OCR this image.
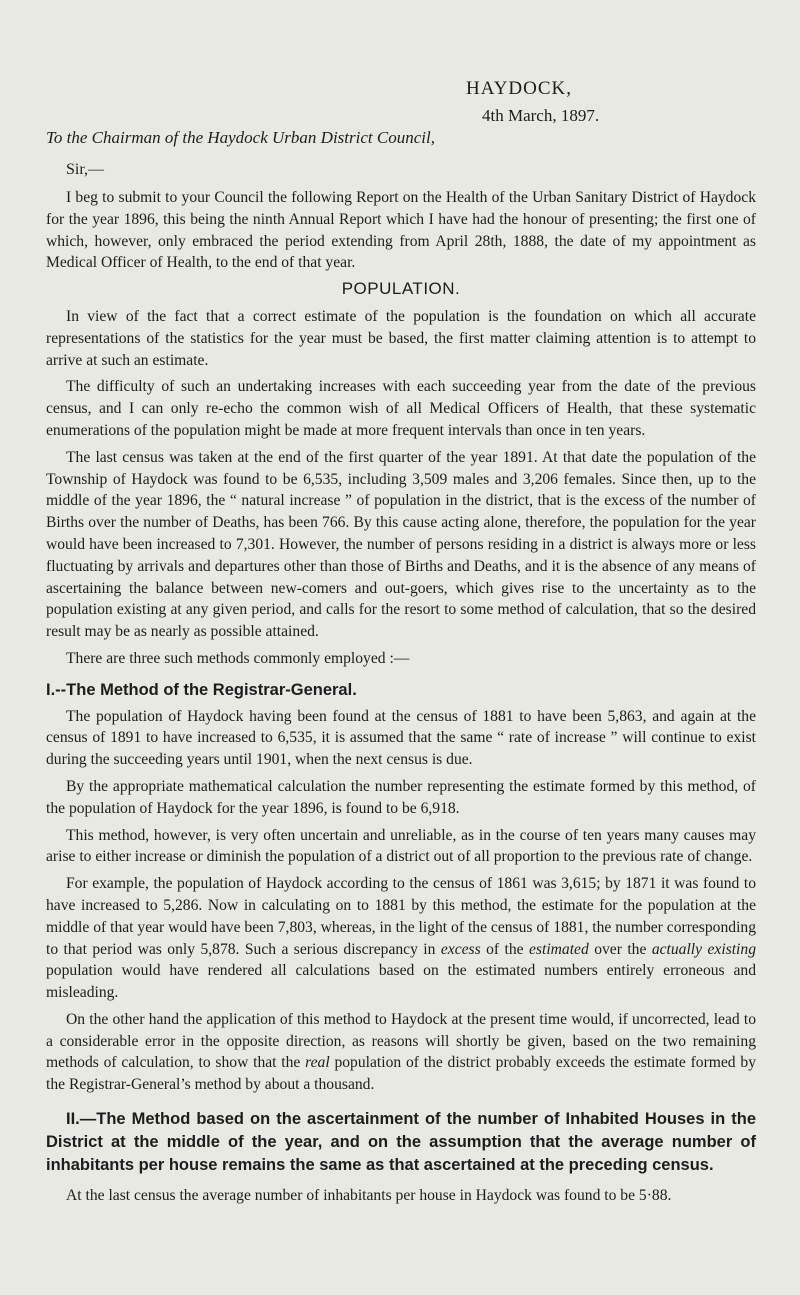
HAYDOCK,
4th March, 1897.
To the Chairman of the Haydock Urban District Council,
Sir,—

I beg to submit to your Council the following Report on the Health of the Urban Sanitary District of Haydock for the year 1896, this being the ninth Annual Report which I have had the honour of presenting; the first one of which, however, only embraced the period extending from April 28th, 1888, the date of my appointment as Medical Officer of Health, to the end of that year.

POPULATION.

In view of the fact that a correct estimate of the population is the foundation on which all accurate representations of the statistics for the year must be based, the first matter claiming attention is to attempt to arrive at such an estimate.

The difficulty of such an undertaking increases with each succeeding year from the date of the previous census, and I can only re-echo the common wish of all Medical Officers of Health, that these systematic enumerations of the population might be made at more frequent intervals than once in ten years.

The last census was taken at the end of the first quarter of the year 1891. At that date the population of the Township of Haydock was found to be 6,535, including 3,509 males and 3,206 females. Since then, up to the middle of the year 1896, the “ natural increase ” of population in the district, that is the excess of the number of Births over the number of Deaths, has been 766. By this cause acting alone, therefore, the population for the year would have been increased to 7,301. However, the number of persons residing in a district is always more or less fluctuating by arrivals and departures other than those of Births and Deaths, and it is the absence of any means of ascertaining the balance between new-comers and out-goers, which gives rise to the uncertainty as to the population existing at any given period, and calls for the resort to some method of calculation, that so the desired result may be as nearly as possible attained.

There are three such methods commonly employed :—

I.--The Method of the Registrar-General.

The population of Haydock having been found at the census of 1881 to have been 5,863, and again at the census of 1891 to have increased to 6,535, it is assumed that the same “ rate of increase ” will continue to exist during the succeeding years until 1901, when the next census is due.

By the appropriate mathematical calculation the number representing the estimate formed by this method, of the population of Haydock for the year 1896, is found to be 6,918.

This method, however, is very often uncertain and unreliable, as in the course of ten years many causes may arise to either increase or diminish the population of a district out of all proportion to the previous rate of change.

For example, the population of Haydock according to the census of 1861 was 3,615; by 1871 it was found to have increased to 5,286. Now in calculating on to 1881 by this method, the estimate for the population at the middle of that year would have been 7,803, whereas, in the light of the census of 1881, the number corresponding to that period was only 5,878. Such a serious discrepancy in excess of the estimated over the actually existing population would have rendered all calculations based on the estimated numbers entirely erroneous and misleading.

On the other hand the application of this method to Haydock at the present time would, if uncorrected, lead to a considerable error in the opposite direction, as reasons will shortly be given, based on the two remaining methods of calculation, to show that the real population of the district probably exceeds the estimate formed by the Registrar-General’s method by about a thousand.

II.—The Method based on the ascertainment of the number of Inhabited Houses in the District at the middle of the year, and on the assumption that the average number of inhabitants per house remains the same as that ascertained at the preceding census.

At the last census the average number of inhabitants per house in Haydock was found to be 5·88.
